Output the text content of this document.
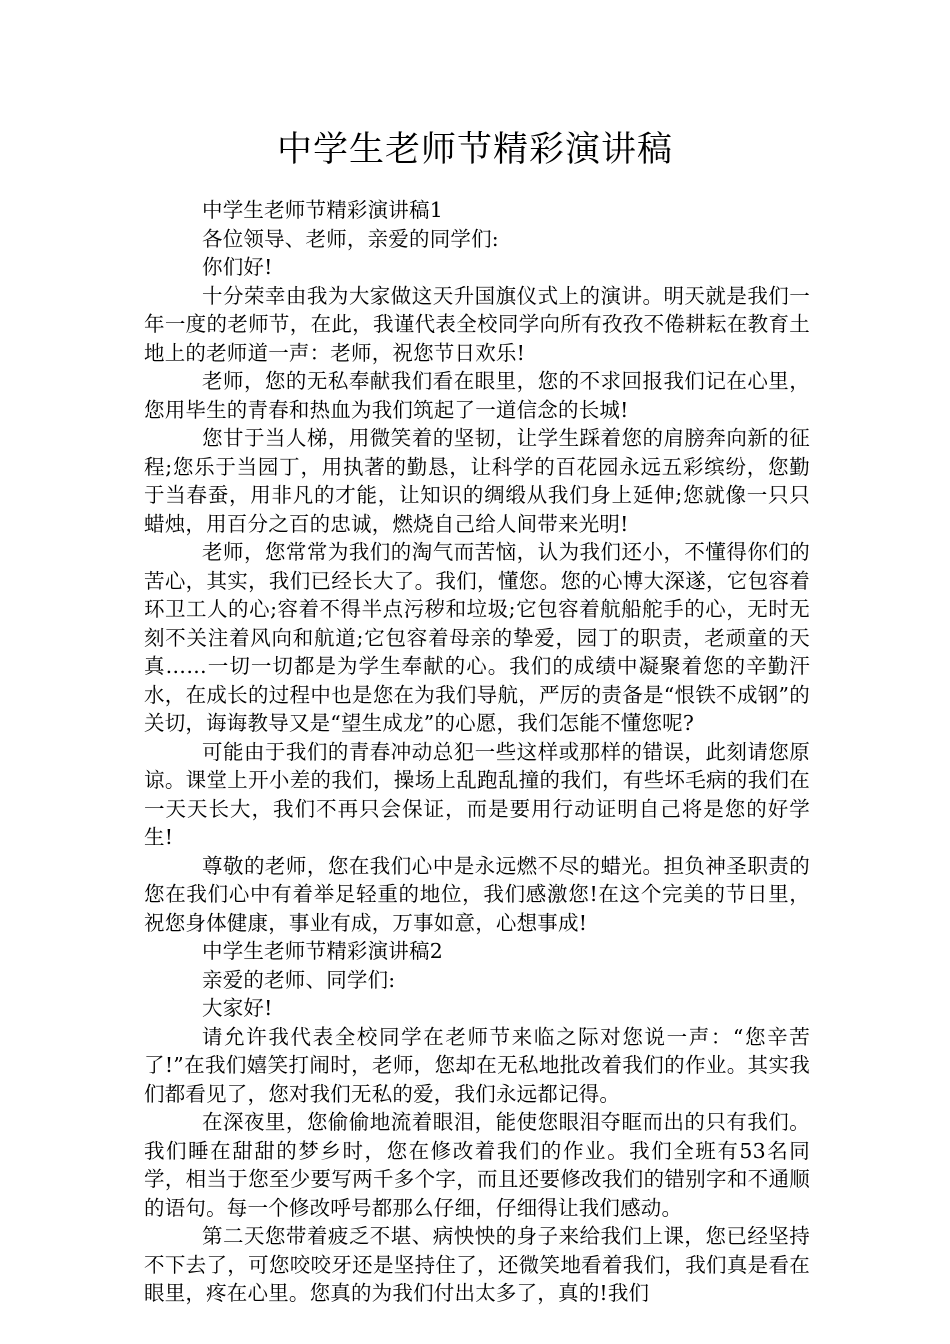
中学生老师节精彩演讲稿

中学生老师节精彩演讲稿1

各位领导、老师，亲爱的同学们:

你们好!

十分荣幸由我为大家做这天升国旗仪式上的演讲。明天就是我们一年一度的老师节，在此，我谨代表全校同学向所有孜孜不倦耕耘在教育土地上的老师道一声：老师，祝您节日欢乐!

老师，您的无私奉献我们看在眼里，您的不求回报我们记在心里，您用毕生的青春和热血为我们筑起了一道信念的长城!

您甘于当人梯，用微笑着的坚韧，让学生踩着您的肩膀奔向新的征程;您乐于当园丁，用执著的勤恳，让科学的百花园永远五彩缤纷，您勤于当春蚕，用非凡的才能，让知识的绸缎从我们身上延伸;您就像一只只蜡烛，用百分之百的忠诚，燃烧自己给人间带来光明!

老师，您常常为我们的淘气而苦恼，认为我们还小，不懂得你们的苦心，其实，我们已经长大了。我们，懂您。您的心博大深遂，它包容着环卫工人的心;容着不得半点污秽和垃圾;它包容着航船舵手的心，无时无刻不关注着风向和航道;它包容着母亲的挚爱，园丁的职责，老顽童的天真……一切一切都是为学生奉献的心。我们的成绩中凝聚着您的辛勤汗水，在成长的过程中也是您在为我们导航，严厉的责备是“恨铁不成钢”的关切，诲诲教导又是“望生成龙”的心愿，我们怎能不懂您呢?

可能由于我们的青春冲动总犯一些这样或那样的错误，此刻请您原谅。课堂上开小差的我们，操场上乱跑乱撞的我们，有些坏毛病的我们在一天天长大，我们不再只会保证，而是要用行动证明自己将是您的好学生!

尊敬的老师，您在我们心中是永远燃不尽的蜡光。担负神圣职责的您在我们心中有着举足轻重的地位，我们感激您!在这个完美的节日里，祝您身体健康，事业有成，万事如意，心想事成!

中学生老师节精彩演讲稿2

亲爱的老师、同学们:

大家好!

请允许我代表全校同学在老师节来临之际对您说一声：“您辛苦了!”在我们嬉笑打闹时，老师，您却在无私地批改着我们的作业。其实我们都看见了，您对我们无私的爱，我们永远都记得。

在深夜里，您偷偷地流着眼泪，能使您眼泪夺眶而出的只有我们。我们睡在甜甜的梦乡时，您在修改着我们的作业。我们全班有53名同学，相当于您至少要写两千多个字，而且还要修改我们的错别字和不通顺的语句。每一个修改呼号都那么仔细，仔细得让我们感动。

第二天您带着疲乏不堪、病怏怏的身子来给我们上课，您已经坚持不下去了，可您咬咬牙还是坚持住了，还微笑地看着我们，我们真是看在眼里，疼在心里。您真的为我们付出太多了，真的!我们
